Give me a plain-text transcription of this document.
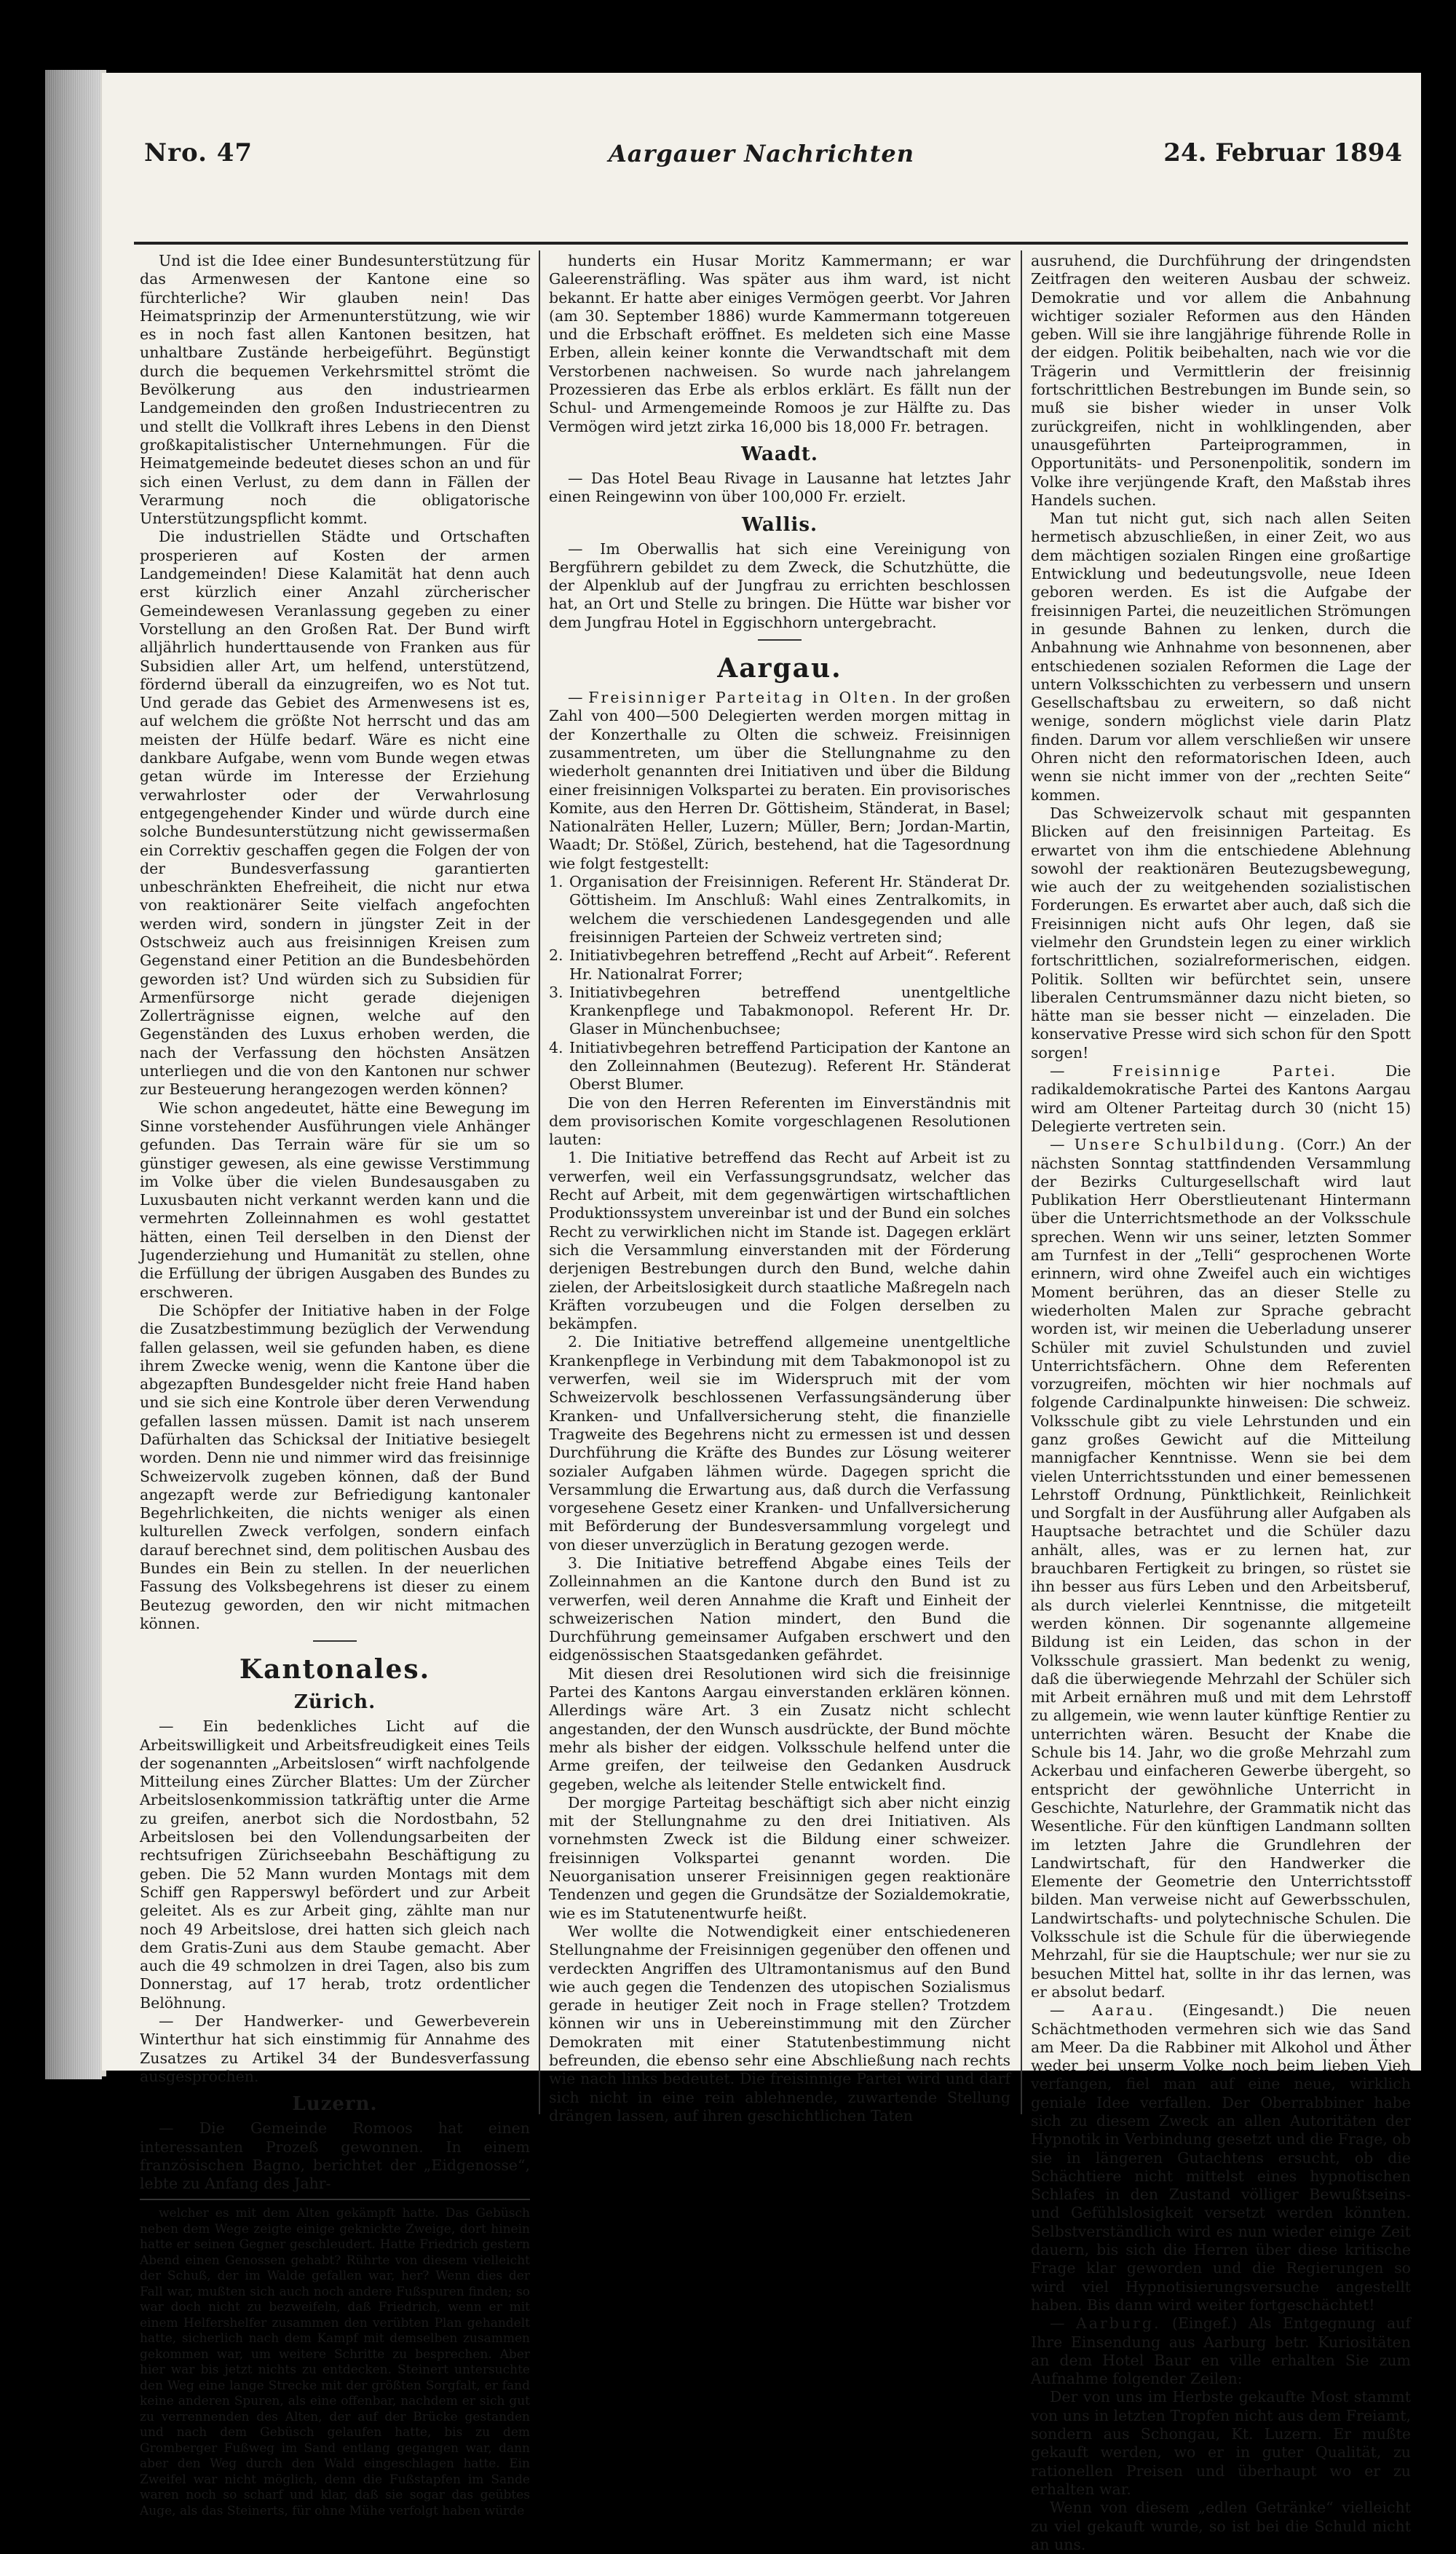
Nro. 47	Aargauer Nachrichten	24. Februar 1894

Und ist die Idee einer Bundesunterstützung für das Armenwesen der Kantone eine so fürchterliche? Wir glauben nein! Das Heimatsprinzip der Armenunterstützung, wie wir es in noch fast allen Kantonen besitzen, hat unhaltbare Zustände herbeigeführt. Begünstigt durch die bequemen Verkehrsmittel strömt die Bevölkerung aus den industriearmen Landgemeinden den großen Industriecentren zu und stellt die Vollkraft ihres Lebens in den Dienst großkapitalistischer Unternehmungen. Für die Heimatgemeinde bedeutet dieses schon an und für sich einen Verlust, zu dem dann in Fällen der Verarmung noch die obligatorische Unterstützungspflicht kommt.

Die industriellen Städte und Ortschaften prosperieren auf Kosten der armen Landgemeinden! Diese Kalamität hat denn auch erst kürzlich einer Anzahl zürcherischer Gemeindewesen Veranlassung gegeben zu einer Vorstellung an den Großen Rat. Der Bund wirft alljährlich hunderttausende von Franken aus für Subsidien aller Art, um helfend, unterstützend, fördernd überall da einzugreifen, wo es Not tut. Und gerade das Gebiet des Armenwesens ist es, auf welchem die größte Not herrscht und das am meisten der Hülfe bedarf. Wäre es nicht eine dankbare Aufgabe, wenn vom Bunde wegen etwas getan würde im Interesse der Erziehung verwahrloster oder der Verwahrlosung entgegengehender Kinder und würde durch eine solche Bundesunterstützung nicht gewissermaßen ein Correktiv geschaffen gegen die Folgen der von der Bundesverfassung garantierten unbeschränkten Ehefreiheit, die nicht nur etwa von reaktionärer Seite vielfach angefochten werden wird, sondern in jüngster Zeit in der Ostschweiz auch aus freisinnigen Kreisen zum Gegenstand einer Petition an die Bundesbehörden geworden ist? Und würden sich zu Subsidien für Armenfürsorge nicht gerade diejenigen Zollerträgnisse eignen, welche auf den Gegenständen des Luxus erhoben werden, die nach der Verfassung den höchsten Ansätzen unterliegen und die von den Kantonen nur schwer zur Besteuerung herangezogen werden können?

Wie schon angedeutet, hätte eine Bewegung im Sinne vorstehender Ausführungen viele Anhänger gefunden. Das Terrain wäre für sie um so günstiger gewesen, als eine gewisse Verstimmung im Volke über die vielen Bundesausgaben zu Luxusbauten nicht verkannt werden kann und die vermehrten Zolleinnahmen es wohl gestattet hätten, einen Teil derselben in den Dienst der Jugenderziehung und Humanität zu stellen, ohne die Erfüllung der übrigen Ausgaben des Bundes zu erschweren.

Die Schöpfer der Initiative haben in der Folge die Zusatzbestimmung bezüglich der Verwendung fallen gelassen, weil sie gefunden haben, es diene ihrem Zwecke wenig, wenn die Kantone über die abgezapften Bundesgelder nicht freie Hand haben und sie sich eine Kontrole über deren Verwendung gefallen lassen müssen. Damit ist nach unserem Dafürhalten das Schicksal der Initiative besiegelt worden. Denn nie und nimmer wird das freisinnige Schweizervolk zugeben können, daß der Bund angezapft werde zur Befriedigung kantonaler Begehrlichkeiten, die nichts weniger als einen kulturellen Zweck verfolgen, sondern einfach darauf berechnet sind, dem politischen Ausbau des Bundes ein Bein zu stellen. In der neuerlichen Fassung des Volksbegehrens ist dieser zu einem Beutezug geworden, den wir nicht mitmachen können.

Kantonales.
Zürich.

— Ein bedenkliches Licht auf die Arbeitswilligkeit und Arbeitsfreudigkeit eines Teils der sogenannten „Arbeitslosen“ wirft nachfolgende Mitteilung eines Zürcher Blattes: Um der Zürcher Arbeitslosenkommission tatkräftig unter die Arme zu greifen, anerbot sich die Nordostbahn, 52 Arbeitslosen bei den Vollendungsarbeiten der rechtsufrigen Zürichseebahn Beschäftigung zu geben. Die 52 Mann wurden Montags mit dem Schiff gen Rapperswyl befördert und zur Arbeit geleitet. Als es zur Arbeit ging, zählte man nur noch 49 Arbeitslose, drei hatten sich gleich nach dem Gratis-Zuni aus dem Staube gemacht. Aber auch die 49 schmolzen in drei Tagen, also bis zum Donnerstag, auf 17 herab, trotz ordentlicher Belöhnung.

— Der Handwerker- und Gewerbeverein Winterthur hat sich einstimmig für Annahme des Zusatzes zu Artikel 34 der Bundesverfassung ausgesprochen.

Luzern.

— Die Gemeinde Romoos hat einen interessanten Prozeß gewonnen. In einem französischen Bagno, berichtet der „Eidgenosse“, lebte zu Anfang des Jahr-

welcher es mit dem Alten gekämpft hatte. Das Gebüsch neben dem Wege zeigte einige geknickte Zweige, dort hinein hatte er seinen Gegner geschleudert. Hatte Friedrich gestern Abend einen Genossen gehabt? Rührte von diesem vielleicht der Schuß, der im Walde gefallen war, her? Wenn dies der Fall war, mußten sich auch noch andere Fußspuren finden; so war doch nicht zu bezweifeln, daß Friedrich, wenn er mit einem Helfershelfer zusammen den verübten Plan gehandelt hatte, sicherlich nach dem Kampf mit demselben zusammen gekommen war, um weitere Schritte zu besprechen. Aber hier war bis jetzt nichts zu entdecken. Steinert untersuchte den Weg eine lange Strecke mit der größten Sorgfalt, er fand keine anderen Spuren, als eine offenbar, nachdem er sich gut zu verrennenden des Alten, der auf der Brücke gestanden und nach dem Gebüsch gelaufen hatte, bis zu dem Gromberger Fußweg im Sand entlang gegangen war, dann aber den Weg durch den Wald eingeschlagen hatte. Ein Zweifel war nicht möglich, denn die Fußstapfen im Sande waren noch so scharf und klar, daß sie sogar das geübtes Auge, als das Steinerts, für ohne Mühe verfolgt haben würde

hunderts ein Husar Moritz Kammermann; er war Galeerensträfling. Was später aus ihm ward, ist nicht bekannt. Er hatte aber einiges Vermögen geerbt. Vor Jahren (am 30. September 1886) wurde Kammermann totgereuen und die Erbschaft eröffnet. Es meldeten sich eine Masse Erben, allein keiner konnte die Verwandtschaft mit dem Verstorbenen nachweisen. So wurde nach jahrelangem Prozessieren das Erbe als erblos erklärt. Es fällt nun der Schul- und Armengemeinde Romoos je zur Hälfte zu. Das Vermögen wird jetzt zirka 16,000 bis 18,000 Fr. betragen.

Waadt.

— Das Hotel Beau Rivage in Lausanne hat letztes Jahr einen Reingewinn von über 100,000 Fr. erzielt.

Wallis.

— Im Oberwallis hat sich eine Vereinigung von Bergführern gebildet zu dem Zweck, die Schutzhütte, die der Alpenklub auf der Jungfrau zu errichten beschlossen hat, an Ort und Stelle zu bringen. Die Hütte war bisher vor dem Jungfrau Hotel in Eggischhorn untergebracht.

Aargau.

— Freisinniger Parteitag in Olten. In der großen Zahl von 400—500 Delegierten werden morgen mittag in der Konzerthalle zu Olten die schweiz. Freisinnigen zusammentreten, um über die Stellungnahme zu den wiederholt genannten drei Initiativen und über die Bildung einer freisinnigen Volkspartei zu beraten. Ein provisorisches Komite, aus den Herren Dr. Göttisheim, Ständerat, in Basel; Nationalräten Heller, Luzern; Müller, Bern; Jordan-Martin, Waadt; Dr. Stößel, Zürich, bestehend, hat die Tagesordnung wie folgt festgestellt:

1. Organisation der Freisinnigen. Referent Hr. Ständerat Dr. Göttisheim. Im Anschluß: Wahl eines Zentralkomits, in welchem die verschiedenen Landesgegenden und alle freisinnigen Parteien der Schweiz vertreten sind;

2. Initiativbegehren betreffend „Recht auf Arbeit“. Referent Hr. Nationalrat Forrer;

3. Initiativbegehren betreffend unentgeltliche Krankenpflege und Tabakmonopol. Referent Hr. Dr. Glaser in Münchenbuchsee;

4. Initiativbegehren betreffend Participation der Kantone an den Zolleinnahmen (Beutezug). Referent Hr. Ständerat Oberst Blumer.

Die von den Herren Referenten im Einverständnis mit dem provisorischen Komite vorgeschlagenen Resolutionen lauten:

1. Die Initiative betreffend das Recht auf Arbeit ist zu verwerfen, weil ein Verfassungsgrundsatz, welcher das Recht auf Arbeit, mit dem gegenwärtigen wirtschaftlichen Produktionssystem unvereinbar ist und der Bund ein solches Recht zu verwirklichen nicht im Stande ist. Dagegen erklärt sich die Versammlung einverstanden mit der Förderung derjenigen Bestrebungen durch den Bund, welche dahin zielen, der Arbeitslosigkeit durch staatliche Maßregeln nach Kräften vorzubeugen und die Folgen derselben zu bekämpfen.

2. Die Initiative betreffend allgemeine unentgeltliche Krankenpflege in Verbindung mit dem Tabakmonopol ist zu verwerfen, weil sie im Widerspruch mit der vom Schweizervolk beschlossenen Verfassungsänderung über Kranken- und Unfallversicherung steht, die finanzielle Tragweite des Begehrens nicht zu ermessen ist und dessen Durchführung die Kräfte des Bundes zur Lösung weiterer sozialer Aufgaben lähmen würde. Dagegen spricht die Versammlung die Erwartung aus, daß durch die Verfassung vorgesehene Gesetz einer Kranken- und Unfallversicherung mit Beförderung der Bundesversammlung vorgelegt und von dieser unverzüglich in Beratung gezogen werde.

3. Die Initiative betreffend Abgabe eines Teils der Zolleinnahmen an die Kantone durch den Bund ist zu verwerfen, weil deren Annahme die Kraft und Einheit der schweizerischen Nation mindert, den Bund die Durchführung gemeinsamer Aufgaben erschwert und den eidgenössischen Staatsgedanken gefährdet.

Mit diesen drei Resolutionen wird sich die freisinnige Partei des Kantons Aargau einverstanden erklären können. Allerdings wäre Art. 3 ein Zusatz nicht schlecht angestanden, der den Wunsch ausdrückte, der Bund möchte mehr als bisher der eidgen. Volksschule helfend unter die Arme greifen, der teilweise den Gedanken Ausdruck gegeben, welche als leitender Stelle entwickelt find.

Der morgige Parteitag beschäftigt sich aber nicht einzig mit der Stellungnahme zu den drei Initiativen. Als vornehmsten Zweck ist die Bildung einer schweizer. freisinnigen Volkspartei genannt worden. Die Neuorganisation unserer Freisinnigen gegen reaktionäre Tendenzen und gegen die Grundsätze der Sozialdemokratie, wie es im Statutenentwurfe heißt.

Wer wollte die Notwendigkeit einer entschiedeneren Stellungnahme der Freisinnigen gegenüber den offenen und verdeckten Angriffen des Ultramontanismus auf den Bund wie auch gegen die Tendenzen des utopischen Sozialismus gerade in heutiger Zeit noch in Frage stellen? Trotzdem können wir uns in Uebereinstimmung mit den Zürcher Demokraten mit einer Statutenbestimmung nicht befreunden, die ebenso sehr eine Abschließung nach rechts wie nach links bedeutet. Die freisinnige Partei wird und darf sich nicht in eine rein ablehnende, zuwartende Stellung drängen lassen, auf ihren geschichtlichen Taten

ausruhend, die Durchführung der dringendsten Zeitfragen den weiteren Ausbau der schweiz. Demokratie und vor allem die Anbahnung wichtiger sozialer Reformen aus den Händen geben. Will sie ihre langjährige führende Rolle in der eidgen. Politik beibehalten, nach wie vor die Trägerin und Vermittlerin der freisinnig fortschrittlichen Bestrebungen im Bunde sein, so muß sie bisher wieder in unser Volk zurückgreifen, nicht in wohlklingenden, aber unausgeführten Parteiprogrammen, in Opportunitäts- und Personenpolitik, sondern im Volke ihre verjüngende Kraft, den Maßstab ihres Handels suchen.

Man tut nicht gut, sich nach allen Seiten hermetisch abzuschließen, in einer Zeit, wo aus dem mächtigen sozialen Ringen eine großartige Entwicklung und bedeutungsvolle, neue Ideen geboren werden. Es ist die Aufgabe der freisinnigen Partei, die neuzeitlichen Strömungen in gesunde Bahnen zu lenken, durch die Anbahnung wie Anhnahme von besonnenen, aber entschiedenen sozialen Reformen die Lage der untern Volksschichten zu verbessern und unsern Gesellschaftsbau zu erweitern, so daß nicht wenige, sondern möglichst viele darin Platz finden. Darum vor allem verschließen wir unsere Ohren nicht den reformatorischen Ideen, auch wenn sie nicht immer von der „rechten Seite“ kommen.

Das Schweizervolk schaut mit gespannten Blicken auf den freisinnigen Parteitag. Es erwartet von ihm die entschiedene Ablehnung sowohl der reaktionären Beutezugsbewegung, wie auch der zu weitgehenden sozialistischen Forderungen. Es erwartet aber auch, daß sich die Freisinnigen nicht aufs Ohr legen, daß sie vielmehr den Grundstein legen zu einer wirklich fortschrittlichen, sozialreformerischen, eidgen. Politik. Sollten wir befürchtet sein, unsere liberalen Centrumsmänner dazu nicht bieten, so hätte man sie besser nicht — einzeladen. Die konservative Presse wird sich schon für den Spott sorgen!

— Freisinnige Partei.	Die radikaldemokratische Partei des Kantons Aargau wird am Oltener Parteitag durch 30 (nicht 15) Delegierte vertreten sein.

— Unsere Schulbildung. (Corr.) An der nächsten Sonntag stattfindenden Versammlung der Bezirks Culturgesellschaft wird laut Publikation Herr Oberstlieutenant Hintermann über die Unterrichtsmethode an der Volksschule sprechen. Wenn wir uns seiner, letzten Sommer am Turnfest in der „Telli“ gesprochenen Worte erinnern, wird ohne Zweifel auch ein wichtiges Moment berühren, das an dieser Stelle zu wiederholten Malen zur Sprache gebracht worden ist, wir meinen die Ueberladung unserer Schüler mit zuviel Schulstunden und zuviel Unterrichtsfächern. Ohne dem Referenten vorzugreifen, möchten wir hier nochmals auf folgende Cardinalpunkte hinweisen: Die schweiz. Volksschule gibt zu viele Lehrstunden und ein ganz großes Gewicht auf die Mitteilung mannigfacher Kenntnisse. Wenn sie bei dem vielen Unterrichtsstunden und einer bemessenen Lehrstoff Ordnung, Pünktlichkeit, Reinlichkeit und Sorgfalt in der Ausführung aller Aufgaben als Hauptsache betrachtet und die Schüler dazu anhält, alles, was er zu lernen hat, zur brauchbaren Fertigkeit zu bringen, so rüstet sie ihn besser aus fürs Leben und den Arbeitsberuf, als durch vielerlei Kenntnisse, die mitgeteilt werden können. Dir sogenannte allgemeine Bildung ist ein Leiden, das schon in der Volksschule grassiert. Man bedenkt zu wenig, daß die überwiegende Mehrzahl der Schüler sich mit Arbeit ernähren muß und mit dem Lehrstoff zu allgemein, wie wenn lauter künftige Rentier zu unterrichten wären. Besucht der Knabe die Schule bis 14. Jahr, wo die große Mehrzahl zum Ackerbau und einfacheren Gewerbe übergeht, so entspricht der gewöhnliche Unterricht in Geschichte, Naturlehre, der Grammatik nicht das Wesentliche. Für den künftigen Landmann sollten im letzten Jahre die Grundlehren der Landwirtschaft, für den Handwerker die Elemente der Geometrie den Unterrichtsstoff bilden. Man verweise nicht auf Gewerbsschulen, Landwirtschafts- und polytechnische Schulen. Die Volksschule ist die Schule für die überwiegende Mehrzahl, für sie die Hauptschule; wer nur sie zu besuchen Mittel hat, sollte in ihr das lernen, was er absolut bedarf.

— Aarau. (Eingesandt.) Die neuen Schächtmethoden vermehren sich wie das Sand am Meer. Da die Rabbiner mit Alkohol und Äther weder bei unserm Volke noch beim lieben Vieh verfangen, fiel man auf eine neue, wirklich geniale Idee verfallen. Der Oberrabbiner habe sich zu diesem Zweck an allen Autoritäten der Hypnotik in Verbindung gesetzt und die Frage, ob sie in längeren Gutachtens ersucht, ob die Schächtiere nicht mittelst eines hypnotischen Schlafes in den Zustand völliger Bewußtseins- und Gefühlslosigkeit versetzt werden könnten. Selbstverständlich wird es nun wieder einige Zeit dauern, bis sich die Herren über diese kritische Frage klar geworden und die Regierungen so wird viel Hypnotisierungsversuche angestellt haben. Bis dann wird weiter fortgeschächtet!

— Aarburg. (Eingef.) Als Entgegnung auf Ihre Einsendung aus Aarburg betr. Kuriositäten an dem Hotel Baur en ville erhalten Sie zum Aufnahme folgender Zeilen:

Der von uns im Herbste gekaufte Most stammt von uns in letzten Tropfen nicht aus dem Freiamt, sondern aus Schongau, Kt. Luzern. Er mußte gekauft werden, wo er in guter Qualität, zu rationellen Preisen und überhaupt wo er zu erhalten war.

Wenn von diesem „edlen Getränke“ vielleicht zu viel gekauft wurde, so ist bei die Schuld nicht an uns.
